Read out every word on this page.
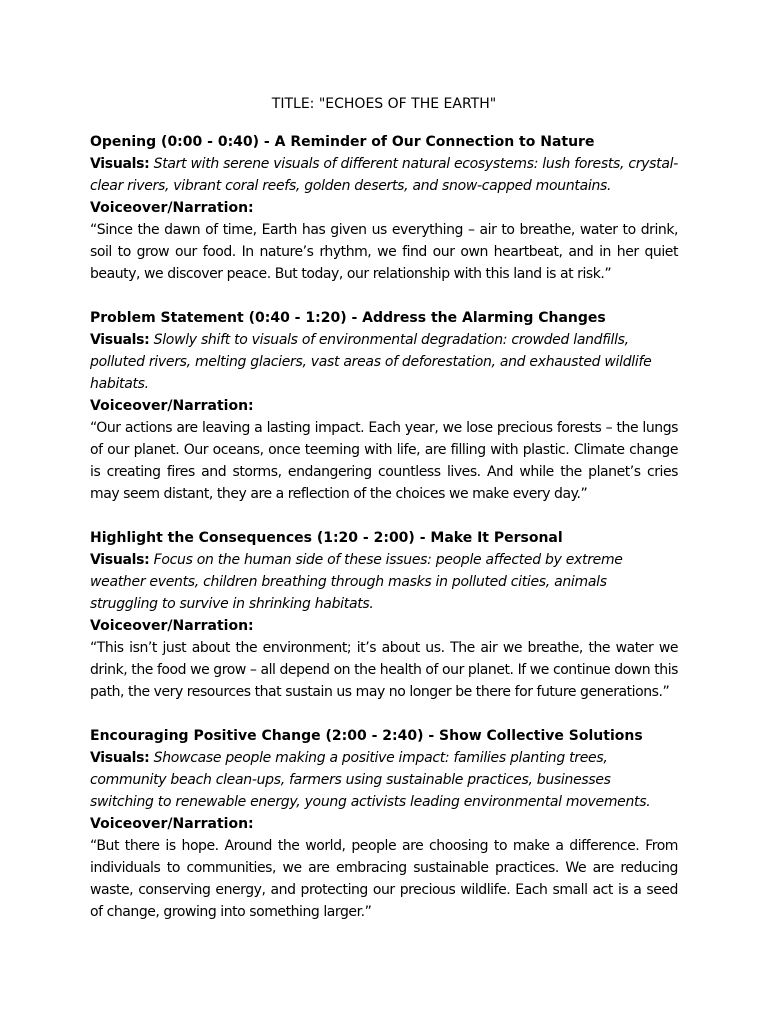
TITLE: "ECHOES OF THE EARTH"

Opening (0:00 - 0:40) - A Reminder of Our Connection to Nature

Visuals: Start with serene visuals of different natural ecosystems: lush forests, crystal-clear rivers, vibrant coral reefs, golden deserts, and snow-capped mountains.

Voiceover/Narration:

“Since the dawn of time, Earth has given us everything – air to breathe, water to drink, soil to grow our food. In nature’s rhythm, we find our own heartbeat, and in her quiet beauty, we discover peace. But today, our relationship with this land is at risk.”

Problem Statement (0:40 - 1:20) - Address the Alarming Changes

Visuals: Slowly shift to visuals of environmental degradation: crowded landfills, polluted rivers, melting glaciers, vast areas of deforestation, and exhausted wildlife habitats.

Voiceover/Narration:

“Our actions are leaving a lasting impact. Each year, we lose precious forests – the lungs of our planet. Our oceans, once teeming with life, are filling with plastic. Climate change is creating fires and storms, endangering countless lives. And while the planet’s cries may seem distant, they are a reflection of the choices we make every day.”

Highlight the Consequences (1:20 - 2:00) - Make It Personal

Visuals: Focus on the human side of these issues: people affected by extreme weather events, children breathing through masks in polluted cities, animals struggling to survive in shrinking habitats.

Voiceover/Narration:

“This isn’t just about the environment; it’s about us. The air we breathe, the water we drink, the food we grow – all depend on the health of our planet. If we continue down this path, the very resources that sustain us may no longer be there for future generations.”

Encouraging Positive Change (2:00 - 2:40) - Show Collective Solutions

Visuals: Showcase people making a positive impact: families planting trees, community beach clean-ups, farmers using sustainable practices, businesses switching to renewable energy, young activists leading environmental movements.

Voiceover/Narration:

“But there is hope. Around the world, people are choosing to make a difference. From individuals to communities, we are embracing sustainable practices. We are reducing waste, conserving energy, and protecting our precious wildlife. Each small act is a seed of change, growing into something larger.”
